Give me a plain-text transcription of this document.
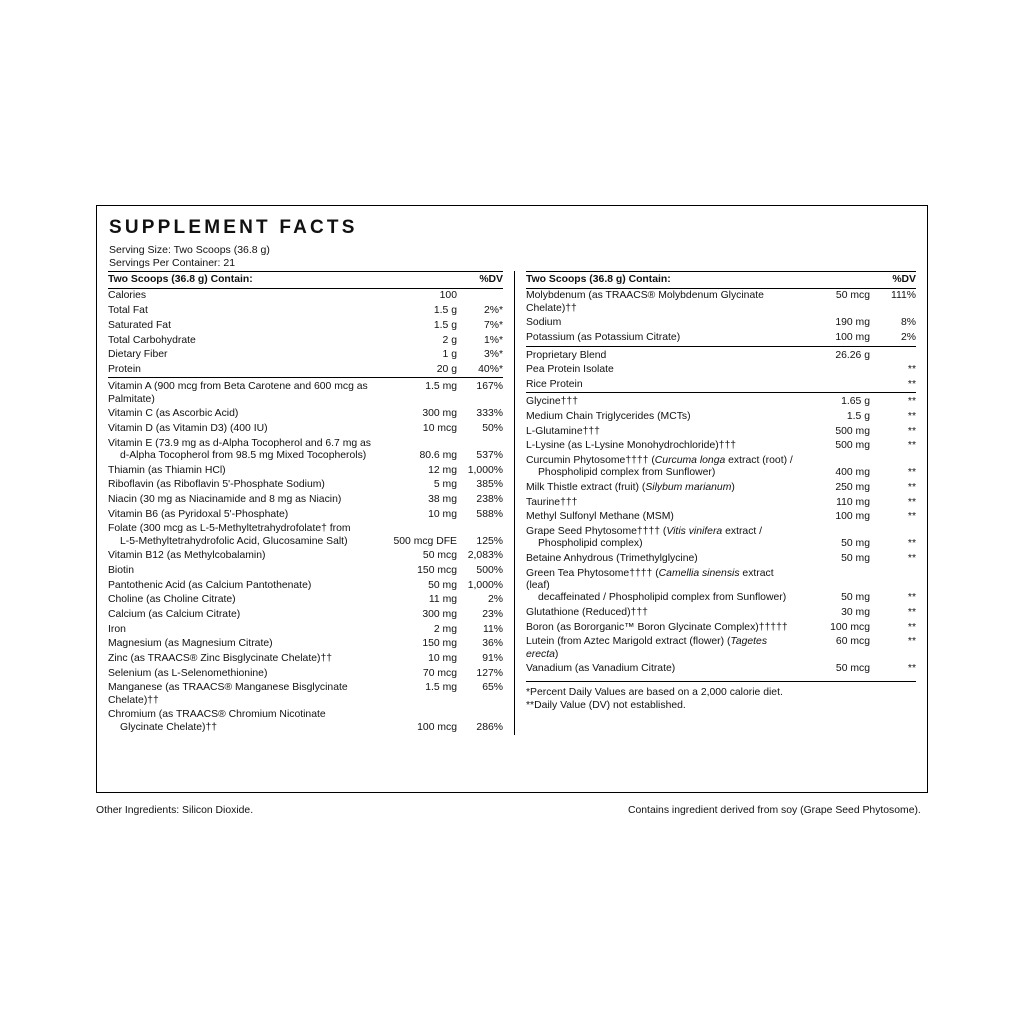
SUPPLEMENT FACTS
Serving Size: Two Scoops (36.8 g)
Servings Per Container: 21
Two Scoops (36.8 g) Contain:		%DV
Calories	100	
Total Fat	1.5 g	2%*
Saturated Fat	1.5 g	7%*
Total Carbohydrate	2 g	1%*
Dietary Fiber	1 g	3%*
Protein	20 g	40%*
Vitamin A (900 mcg from Beta Carotene and 600 mcg as Palmitate)	1.5 mg	167%
Vitamin C (as Ascorbic Acid)	300 mg	333%
Vitamin D (as Vitamin D3) (400 IU)	10 mcg	50%
Vitamin E (73.9 mg as d-Alpha Tocopherol and 6.7 mg as
d-Alpha Tocopherol from 98.5 mg Mixed Tocopherols)	80.6 mg	537%
Thiamin (as Thiamin HCl)	12 mg	1,000%
Riboflavin (as Riboflavin 5'-Phosphate Sodium)	5 mg	385%
Niacin (30 mg as Niacinamide and 8 mg as Niacin)	38 mg	238%
Vitamin B6 (as Pyridoxal 5'-Phosphate)	10 mg	588%
Folate (300 mcg as L-5-Methyltetrahydrofolate† from
L-5-Methyltetrahydrofolic Acid, Glucosamine Salt)	500 mcg DFE	125%
Vitamin B12 (as Methylcobalamin)	50 mcg	2,083%
Biotin	150 mcg	500%
Pantothenic Acid (as Calcium Pantothenate)	50 mg	1,000%
Choline (as Choline Citrate)	11 mg	2%
Calcium (as Calcium Citrate)	300 mg	23%
Iron	2 mg	11%
Magnesium (as Magnesium Citrate)	150 mg	36%
Zinc (as TRAACS® Zinc Bisglycinate Chelate)††	10 mg	91%
Selenium (as L-Selenomethionine)	70 mcg	127%
Manganese (as TRAACS® Manganese Bisglycinate Chelate)††	1.5 mg	65%
Chromium (as TRAACS® Chromium Nicotinate
Glycinate Chelate)††	100 mcg	286%
Two Scoops (36.8 g) Contain:		%DV
Molybdenum (as TRAACS® Molybdenum Glycinate Chelate)††	50 mcg	111%
Sodium	190 mg	8%
Potassium (as Potassium Citrate)	100 mg	2%
Proprietary Blend	26.26 g	
Pea Protein Isolate		**
Rice Protein		**
Glycine†††	1.65 g	**
Medium Chain Triglycerides (MCTs)	1.5 g	**
L-Glutamine†††	500 mg	**
L-Lysine (as L-Lysine Monohydrochloride)†††	500 mg	**
Curcumin Phytosome†††† (Curcuma longa extract (root) /
Phospholipid complex from Sunflower)	400 mg	**
Milk Thistle extract (fruit) (Silybum marianum)	250 mg	**
Taurine†††	110 mg	**
Methyl Sulfonyl Methane (MSM)	100 mg	**
Grape Seed Phytosome†††† (Vitis vinifera extract /
Phospholipid complex)	50 mg	**
Betaine Anhydrous (Trimethylglycine)	50 mg	**
Green Tea Phytosome†††† (Camellia sinensis extract (leaf)
decaffeinated / Phospholipid complex from Sunflower)	50 mg	**
Glutathione (Reduced)†††	30 mg	**
Boron (as Bororganic™ Boron Glycinate Complex)†††††	100 mcg	**
Lutein (from Aztec Marigold extract (flower) (Tagetes erecta)	60 mcg	**
Vanadium (as Vanadium Citrate)	50 mcg	**
*Percent Daily Values are based on a 2,000 calorie diet.
**Daily Value (DV) not established.
Other Ingredients: Silicon Dioxide.	Contains ingredient derived from soy (Grape Seed Phytosome).
